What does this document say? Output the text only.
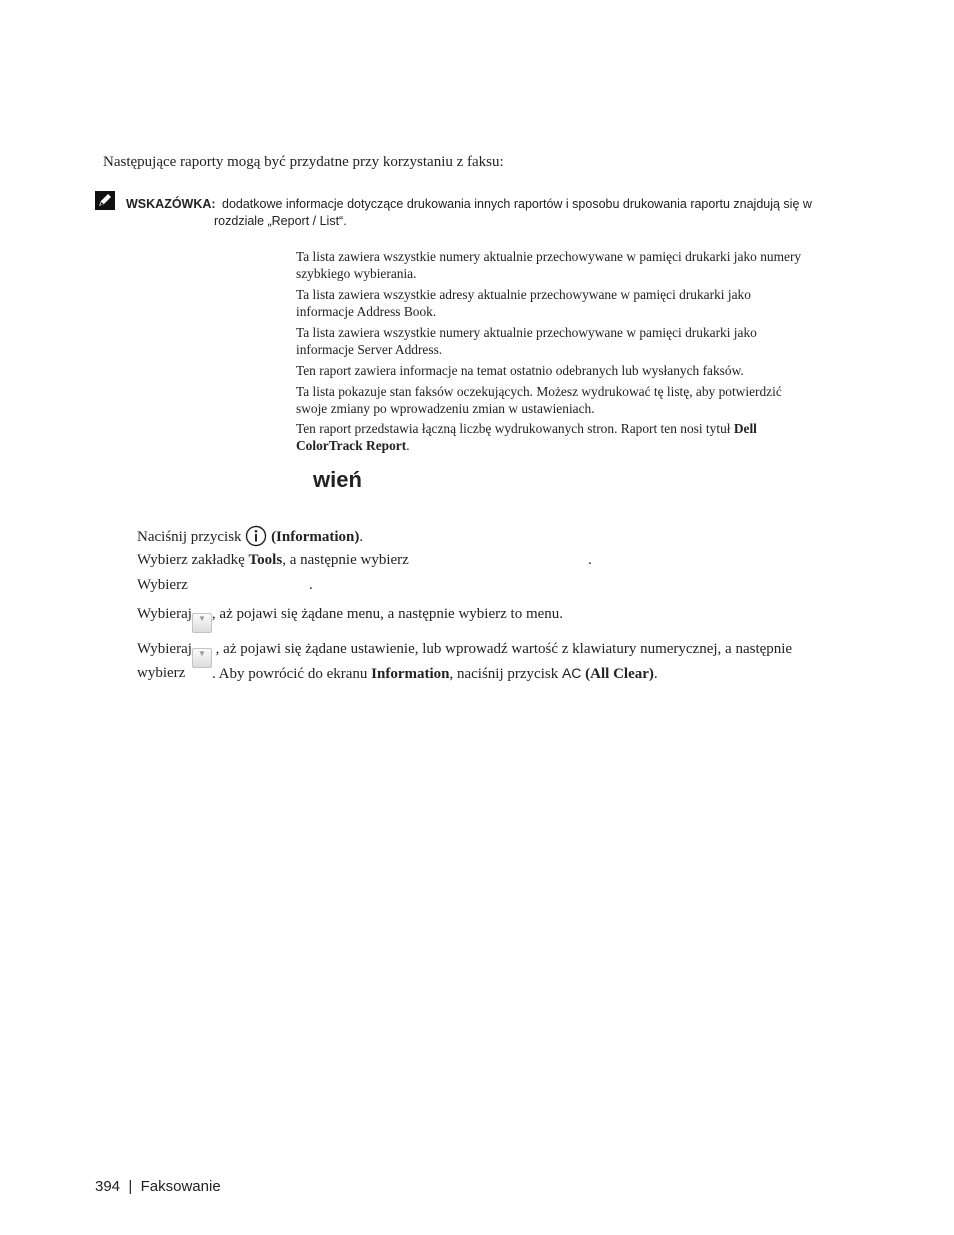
Następujące raporty mogą być przydatne przy korzystaniu z faksu:
WSKAZÓWKA: dodatkowe informacje dotyczące drukowania innych raportów i sposobu drukowania raportu znajdują się w
rozdziale „Report / List“.
Ta lista zawiera wszystkie numery aktualnie przechowywane w pamięci drukarki jako numery
szybkiego wybierania.
Ta lista zawiera wszystkie adresy aktualnie przechowywane w pamięci drukarki jako
informacje Address Book.
Ta lista zawiera wszystkie numery aktualnie przechowywane w pamięci drukarki jako
informacje Server Address.
Ten raport zawiera informacje na temat ostatnio odebranych lub wysłanych faksów.
Ta lista pokazuje stan faksów oczekujących. Możesz wydrukować tę listę, aby potwierdzić
swoje zmiany po wprowadzeniu zmian w ustawieniach.
Ten raport przedstawia łączną liczbę wydrukowanych stron. Raport ten nosi tytuł Dell
ColorTrack Report.
wień
Naciśnij przycisk (Information).
Wybierz zakładkę Tools, a następnie wybierz	.
Wybierz	.
Wybieraj ▼ , aż pojawi się żądane menu, a następnie wybierz to menu.
Wybieraj ▼ , aż pojawi się żądane ustawienie, lub wprowadź wartość z klawiatury numerycznej, a następnie
wybierz . Aby powrócić do ekranu Information, naciśnij przycisk AC (All Clear).
394 | Faksowanie
